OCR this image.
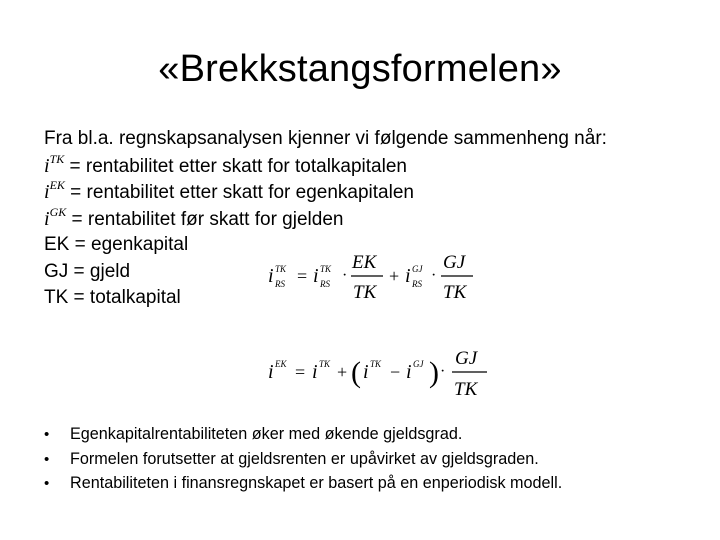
«Brekkstangsformelen»
Fra bl.a. regnskapsanalysen kjenner vi følgende sammenheng når:
$i^{TK}$ = rentabilitet etter skatt for totalkapitalen
$i^{EK}$ = rentabilitet etter skatt for egenkapitalen
$i^{GK}$ = rentabilitet før skatt for gjelden
EK = egenkapital
GJ = gjeld
TK = totalkapital
i TK
RS = i TK
RS ·
EK
TK
+ i GJ
RS ·
GJ
TK
i EK = i TK + ( i TK − i GJ ) ·
GJ
TK
• Egenkapitalrentabiliteten øker med økende gjeldsgrad.
• Formelen forutsetter at gjeldsrenten er upåvirket av gjeldsgraden.
• Rentabiliteten i finansregnskapet er basert på en enperiodisk modell.
